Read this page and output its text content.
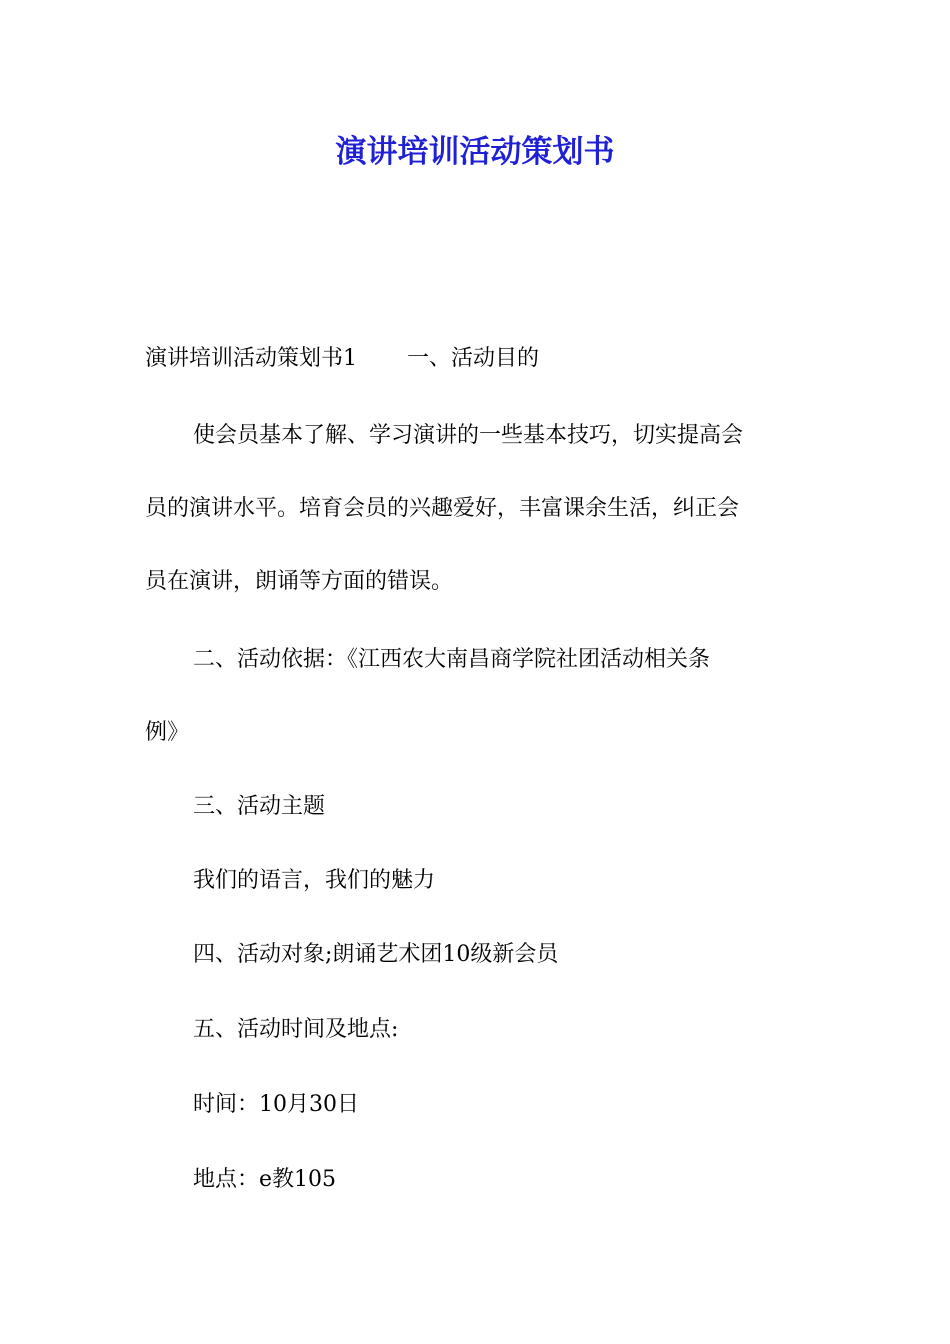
演讲培训活动策划书
演讲培训活动策划书1 一、活动目的
使会员基本了解、学习演讲的一些基本技巧，切实提高会
员的演讲水平。培育会员的兴趣爱好，丰富课余生活，纠正会
员在演讲，朗诵等方面的错误。
二、活动依据：《江西农大南昌商学院社团活动相关条
例》
三、活动主题
我们的语言，我们的魅力
四、活动对象;朗诵艺术团10级新会员
五、活动时间及地点:
时间：10月30日
地点：e教105
